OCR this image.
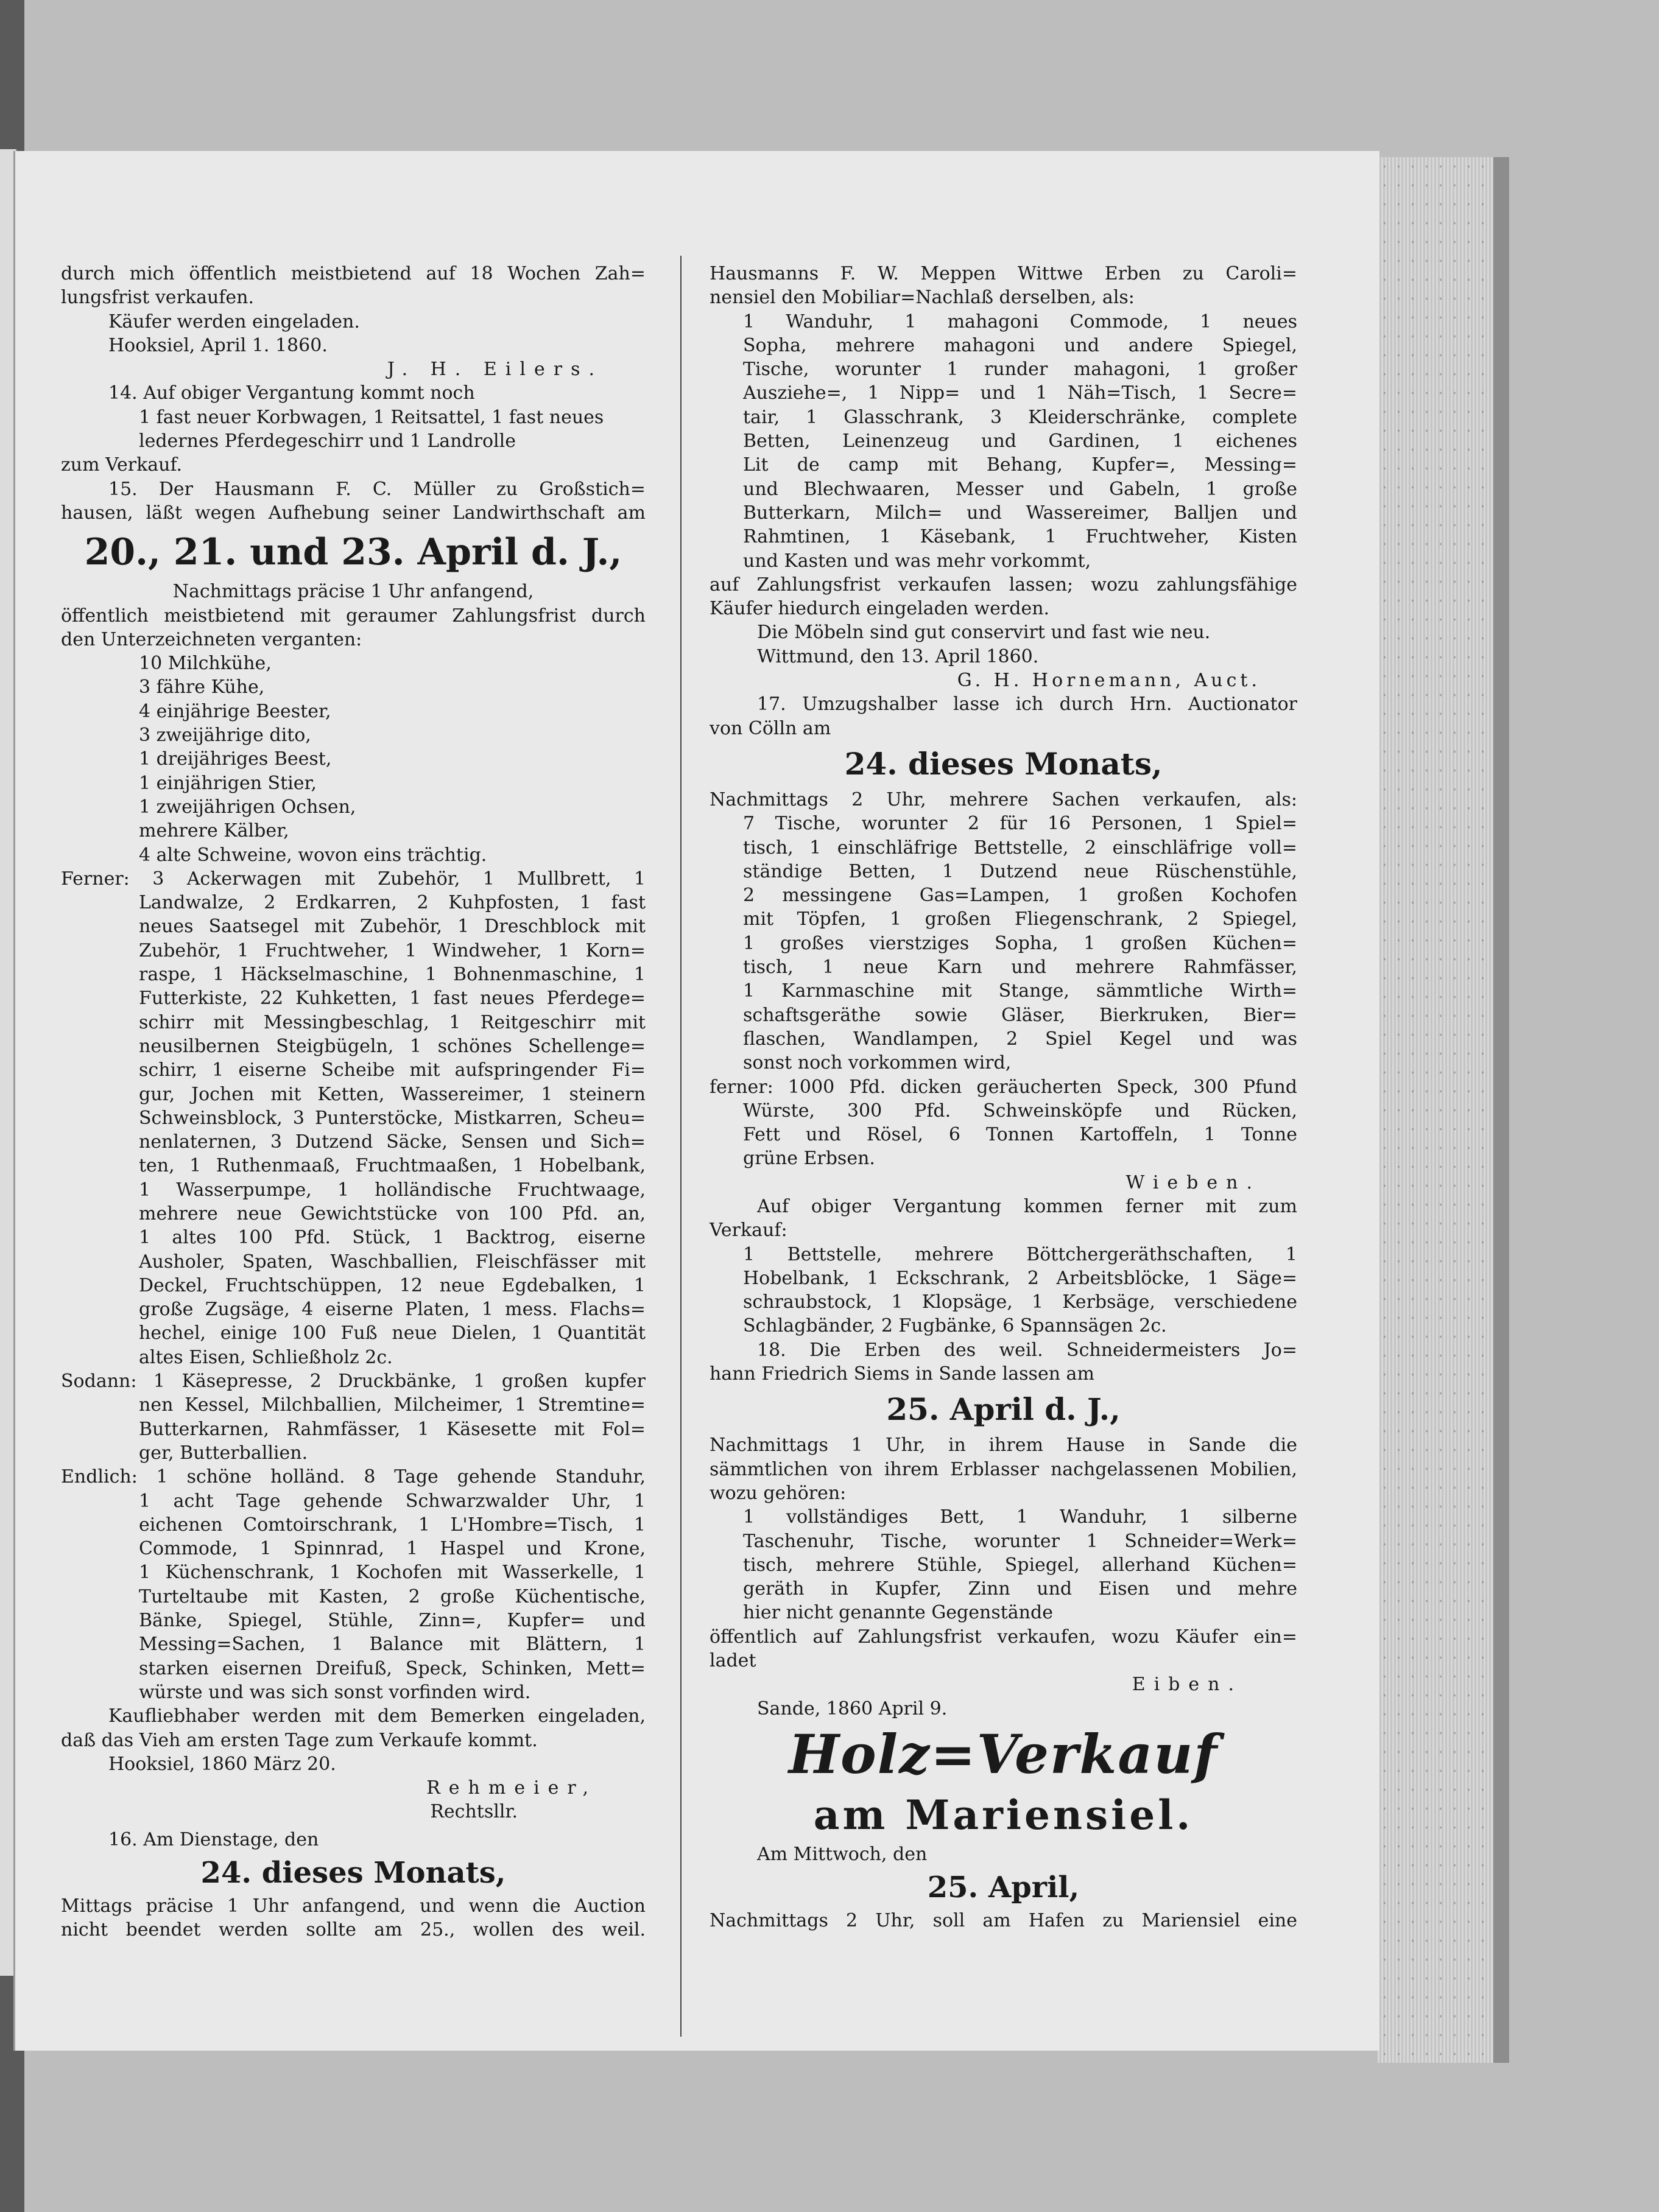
durch mich öffentlich meistbietend auf 18 Wochen Zah=

lungsfrist verkaufen.

Käufer werden eingeladen.

Hooksiel, April 1. 1860.

J. H. Eilers.

14. Auf obiger Vergantung kommt noch

1 fast neuer Korbwagen, 1 Reitsattel, 1 fast neues

ledernes Pferdegeschirr und 1 Landrolle

zum Verkauf.

15. Der Hausmann F. C. Müller zu Großstich=

hausen, läßt wegen Aufhebung seiner Landwirthschaft am

20., 21. und 23. April d. J.,

Nachmittags präcise 1 Uhr anfangend,

öffentlich meistbietend mit geraumer Zahlungsfrist durch

den Unterzeichneten verganten:

10 Milchkühe,

3 fähre Kühe,

4 einjährige Beester,

3 zweijährige dito,

1 dreijähriges Beest,

1 einjährigen Stier,

1 zweijährigen Ochsen,

mehrere Kälber,

4 alte Schweine, wovon eins trächtig.

Ferner: 3 Ackerwagen mit Zubehör, 1 Mullbrett, 1

Landwalze, 2 Erdkarren, 2 Kuhpfosten, 1 fast

neues Saatsegel mit Zubehör, 1 Dreschblock mit

Zubehör, 1 Fruchtweher, 1 Windweher, 1 Korn=

raspe, 1 Häckselmaschine, 1 Bohnenmaschine, 1

Futterkiste, 22 Kuhketten, 1 fast neues Pferdege=

schirr mit Messingbeschlag, 1 Reitgeschirr mit

neusilbernen Steigbügeln, 1 schönes Schellenge=

schirr, 1 eiserne Scheibe mit aufspringender Fi=

gur, Jochen mit Ketten, Wassereimer, 1 steinern

Schweinsblock, 3 Punterstöcke, Mistkarren, Scheu=

nenlaternen, 3 Dutzend Säcke, Sensen und Sich=

ten, 1 Ruthenmaaß, Fruchtmaaßen, 1 Hobelbank,

1 Wasserpumpe, 1 holländische Fruchtwaage,

mehrere neue Gewichtstücke von 100 Pfd. an,

1 altes 100 Pfd. Stück, 1 Backtrog, eiserne

Ausholer, Spaten, Waschballien, Fleischfässer mit

Deckel, Fruchtschüppen, 12 neue Egdebalken, 1

große Zugsäge, 4 eiserne Platen, 1 mess. Flachs=

hechel, einige 100 Fuß neue Dielen, 1 Quantität

altes Eisen, Schließholz 2c.

Sodann: 1 Käsepresse, 2 Druckbänke, 1 großen kupfer

nen Kessel, Milchballien, Milcheimer, 1 Stremtine=

Butterkarnen, Rahmfässer, 1 Käsesette mit Fol=

ger, Butterballien.

Endlich: 1 schöne holländ. 8 Tage gehende Standuhr,

1 acht Tage gehende Schwarzwalder Uhr, 1

eichenen Comtoirschrank, 1 L'Hombre=Tisch, 1

Commode, 1 Spinnrad, 1 Haspel und Krone,

1 Küchenschrank, 1 Kochofen mit Wasserkelle, 1

Turteltaube mit Kasten, 2 große Küchentische,

Bänke, Spiegel, Stühle, Zinn=, Kupfer= und

Messing=Sachen, 1 Balance mit Blättern, 1

starken eisernen Dreifuß, Speck, Schinken, Mett=

würste und was sich sonst vorfinden wird.

Kaufliebhaber werden mit dem Bemerken eingeladen,

daß das Vieh am ersten Tage zum Verkaufe kommt.

Hooksiel, 1860 März 20.

Rehmeier,

Rechtsllr.

16. Am Dienstage, den

24. dieses Monats,

Mittags präcise 1 Uhr anfangend, und wenn die Auction

nicht beendet werden sollte am 25., wollen des weil.

Hausmanns F. W. Meppen Wittwe Erben zu Caroli=

nensiel den Mobiliar=Nachlaß derselben, als:

1 Wanduhr, 1 mahagoni Commode, 1 neues

Sopha, mehrere mahagoni und andere Spiegel,

Tische, worunter 1 runder mahagoni, 1 großer

Ausziehe=, 1 Nipp= und 1 Näh=Tisch, 1 Secre=

tair, 1 Glasschrank, 3 Kleiderschränke, complete

Betten, Leinenzeug und Gardinen, 1 eichenes

Lit de camp mit Behang, Kupfer=, Messing=

und Blechwaaren, Messer und Gabeln, 1 große

Butterkarn, Milch= und Wassereimer, Balljen und

Rahmtinen, 1 Käsebank, 1 Fruchtweher, Kisten

und Kasten und was mehr vorkommt,

auf Zahlungsfrist verkaufen lassen; wozu zahlungsfähige

Käufer hiedurch eingeladen werden.

Die Möbeln sind gut conservirt und fast wie neu.

Wittmund, den 13. April 1860.

G. H. Hornemann, Auct.

17. Umzugshalber lasse ich durch Hrn. Auctionator

von Cölln am

24. dieses Monats,

Nachmittags 2 Uhr, mehrere Sachen verkaufen, als:

7 Tische, worunter 2 für 16 Personen, 1 Spiel=

tisch, 1 einschläfrige Bettstelle, 2 einschläfrige voll=

ständige Betten, 1 Dutzend neue Rüschenstühle,

2 messingene Gas=Lampen, 1 großen Kochofen

mit Töpfen, 1 großen Fliegenschrank, 2 Spiegel,

1 großes vierstziges Sopha, 1 großen Küchen=

tisch, 1 neue Karn und mehrere Rahmfässer,

1 Karnmaschine mit Stange, sämmtliche Wirth=

schaftsgeräthe sowie Gläser, Bierkruken, Bier=

flaschen, Wandlampen, 2 Spiel Kegel und was

sonst noch vorkommen wird,

ferner: 1000 Pfd. dicken geräucherten Speck, 300 Pfund

Würste, 300 Pfd. Schweinsköpfe und Rücken,

Fett und Rösel, 6 Tonnen Kartoffeln, 1 Tonne

grüne Erbsen.

Wieben.

Auf obiger Vergantung kommen ferner mit zum

Verkauf:

1 Bettstelle, mehrere Böttchergeräthschaften, 1

Hobelbank, 1 Eckschrank, 2 Arbeitsblöcke, 1 Säge=

schraubstock, 1 Klopsäge, 1 Kerbsäge, verschiedene

Schlagbänder, 2 Fugbänke, 6 Spannsägen 2c.

18. Die Erben des weil. Schneidermeisters Jo=

hann Friedrich Siems in Sande lassen am

25. April d. J.,

Nachmittags 1 Uhr, in ihrem Hause in Sande die

sämmtlichen von ihrem Erblasser nachgelassenen Mobilien,

wozu gehören:

1 vollständiges Bett, 1 Wanduhr, 1 silberne

Taschenuhr, Tische, worunter 1 Schneider=Werk=

tisch, mehrere Stühle, Spiegel, allerhand Küchen=

geräth in Kupfer, Zinn und Eisen und mehre

hier nicht genannte Gegenstände

öffentlich auf Zahlungsfrist verkaufen, wozu Käufer ein=

ladet

Eiben.

Sande, 1860 April 9.

Holz=Verkauf

am Mariensiel.

Am Mittwoch, den

25. April,

Nachmittags 2 Uhr, soll am Hafen zu Mariensiel eine
